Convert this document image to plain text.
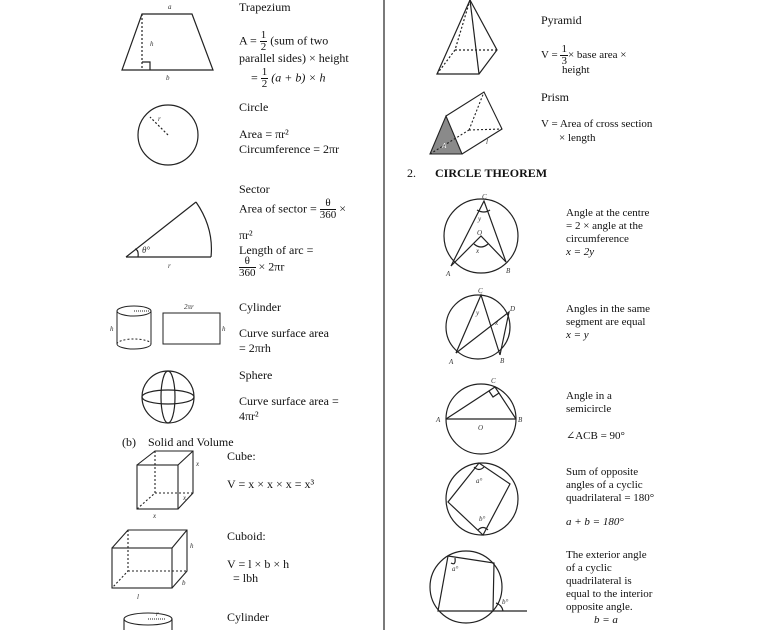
a
h
b
r
θ°
r
h
2πr
h
x
x
x
h
b
l
r
A	l
C
y
O
x
A	B
C
D
y
x
A	B
C
A	B
O
a°
b°
a°
b°
Trapezium
$A = \frac{1}{2} (sum$ of two
parallel sides) × height
= $\frac{1}{2} (a + b) \times h$
Circle
Area = πr²
Circumference = 2πr
Sector
Area of sector = $\frac{\theta}{360}$ ×
πr²
Length of arc =
$\frac{\theta}{360} \times 2\pi r$
Cylinder
Curve surface area
= 2πrh
Sphere
Curve surface area =
4πr²
(b) Solid and Volume
Cube:
V = x × x × x = x³
Cuboid:
V = l × b × h
= lbh
Cylinder
Pyramid
$V = \frac{1}{3}$ × base area ×
height
Prism
V = Area of cross section
× length
2. CIRCLE THEOREM
Angle at the centre
= 2 × angle at the
circumference
x = 2y
Angles in the same
segment are equal
x = y
Angle in a
semicircle
∠ACB = 90°
Sum of opposite
angles of a cyclic
quadrilateral = 180°
a + b = 180°
The exterior angle
of a cyclic
quadrilateral is
equal to the interior
opposite angle.
b = a
